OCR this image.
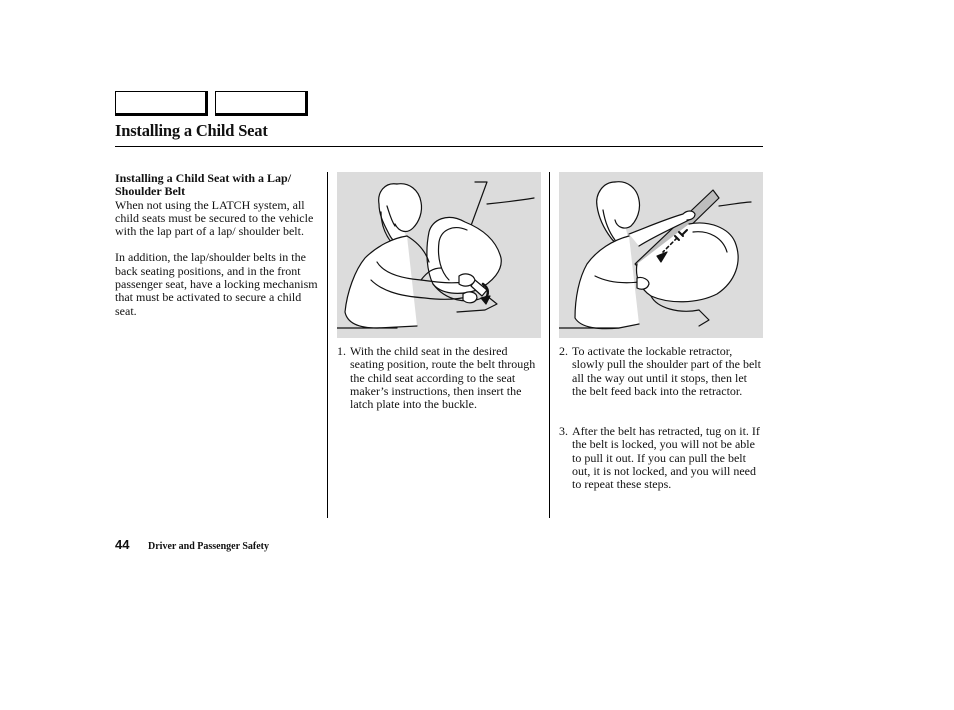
Installing a Child Seat

Installing a Child Seat with a Lap/ Shoulder Belt

When not using the LATCH system, all child seats must be secured to the vehicle with the lap part of a lap/ shoulder belt.

In addition, the lap/shoulder belts in the back seating positions, and in the front passenger seat, have a locking mechanism that must be activated to secure a child seat.

1. With the child seat in the desired seating position, route the belt through the child seat according to the seat maker’s instructions, then insert the latch plate into the buckle.

2. To activate the lockable retractor, slowly pull the shoulder part of the belt all the way out until it stops, then let the belt feed back into the retractor.

3. After the belt has retracted, tug on it. If the belt is locked, you will not be able to pull it out. If you can pull the belt out, it is not locked, and you will need to repeat these steps.

44 Driver and Passenger Safety
